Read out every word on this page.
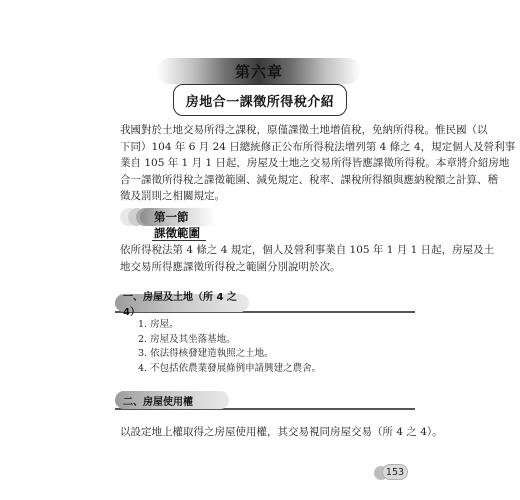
第六章
房地合一課徵所得稅介紹
我國對於土地交易所得之課稅，原僅課徵土地增值稅，免納所得稅。惟民國（以
下同）104 年 6 月 24 日總統修正公布所得稅法增列第 4 條之 4，規定個人及營利事
業自 105 年 1 月 1 日起，房屋及土地之交易所得皆應課徵所得稅。本章將介紹房地
合一課徵所得稅之課徵範圍、減免規定、稅率、課稅所得額與應納稅額之計算、稽
徵及罰則之相關規定。
第一節
課徵範圍
依所得稅法第 4 條之 4 規定，個人及營利事業自 105 年 1 月 1 日起，房屋及土
地交易所得應課徵所得稅之範圍分別說明於次。
一、房屋及土地（所 4 之 4）
1. 房屋。
2. 房屋及其坐落基地。
3. 依法得核發建造執照之土地。
4. 不包括依農業發展條例申請興建之農舍。
二、房屋使用權
以設定地上權取得之房屋使用權，其交易視同房屋交易（所 4 之 4）。
153
